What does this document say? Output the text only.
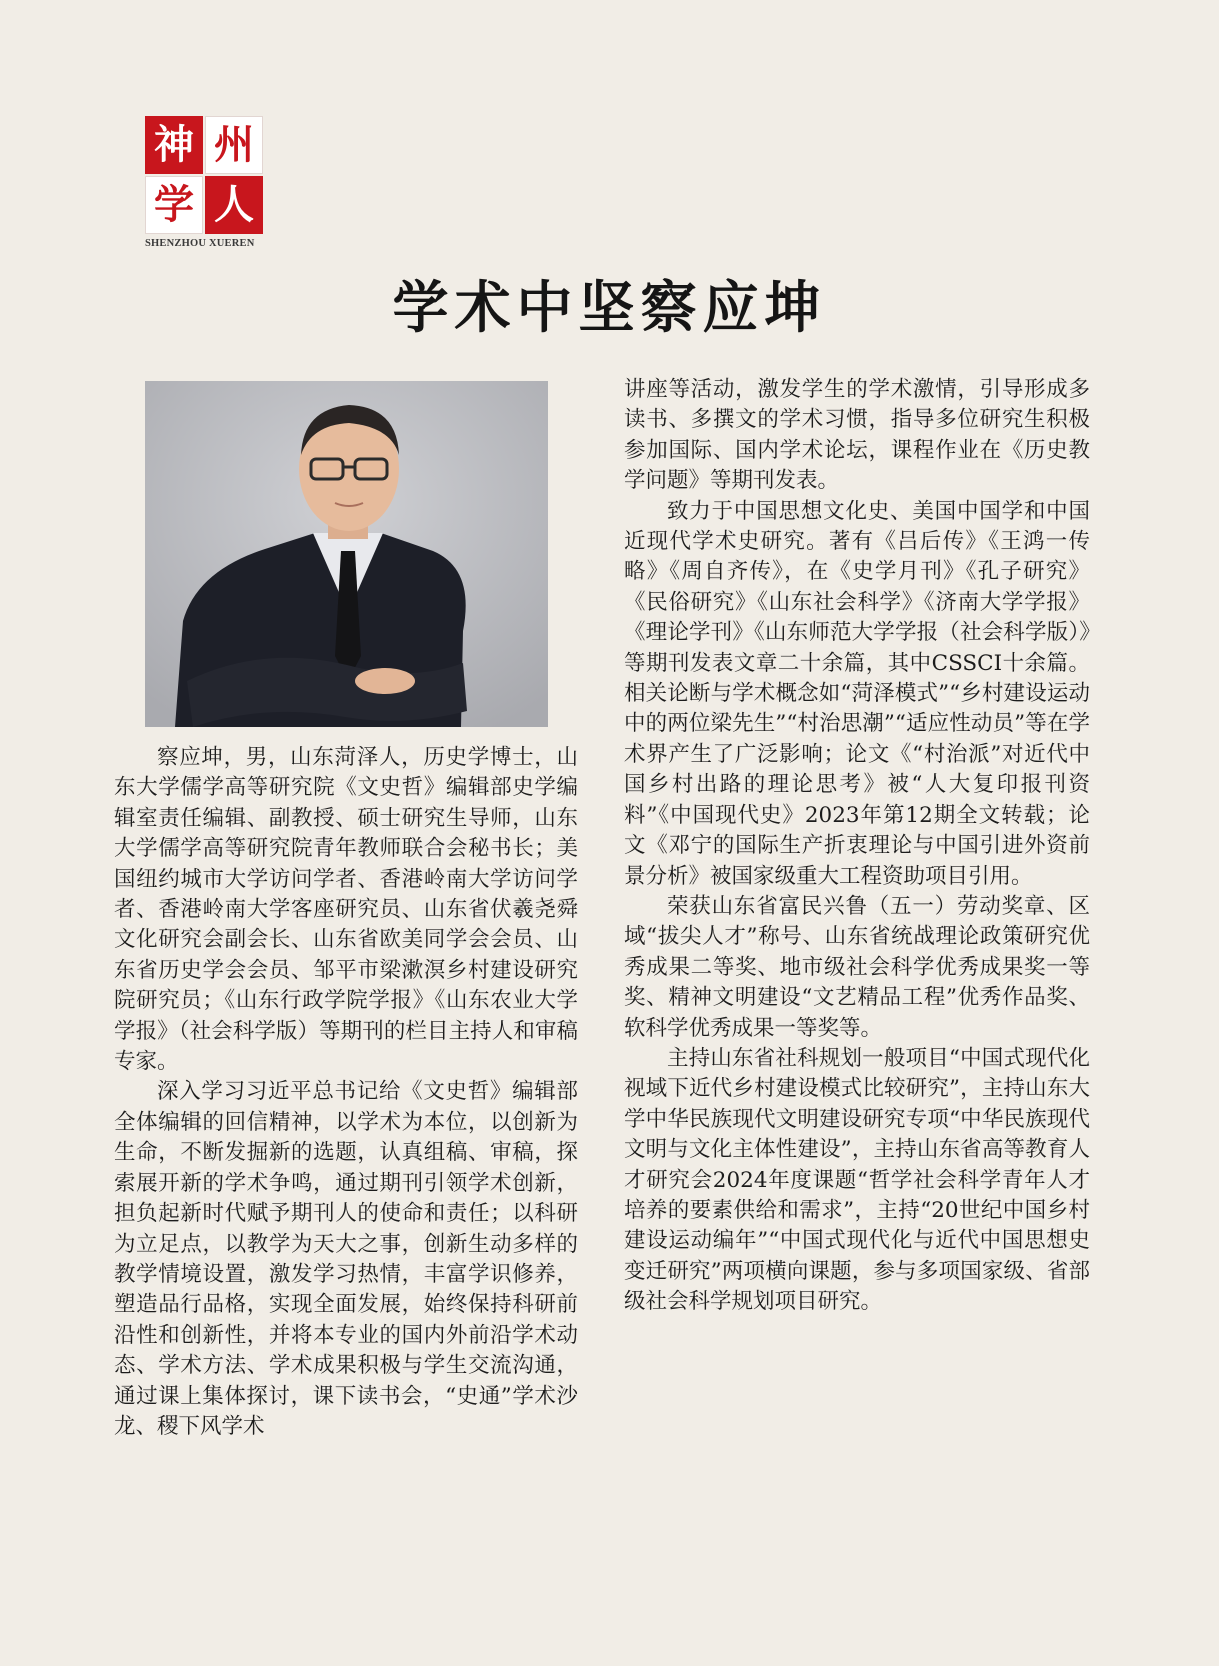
神 州
学 人
SHENZHOU XUEREN
学术中坚察应坤

察应坤，男，山东菏泽人，历史学博士，山东大学儒学高等研究院《文史哲》编辑部史学编辑室责任编辑、副教授、硕士研究生导师，山东大学儒学高等研究院青年教师联合会秘书长；美国纽约城市大学访问学者、香港岭南大学访问学者、香港岭南大学客座研究员、山东省伏羲尧舜文化研究会副会长、山东省欧美同学会会员、山东省历史学会会员、邹平市梁漱溟乡村建设研究院研究员；《山东行政学院学报》《山东农业大学学报》（社会科学版）等期刊的栏目主持人和审稿专家。

深入学习习近平总书记给《文史哲》编辑部全体编辑的回信精神，以学术为本位，以创新为生命，不断发掘新的选题，认真组稿、审稿，探索展开新的学术争鸣，通过期刊引领学术创新，担负起新时代赋予期刊人的使命和责任；以科研为立足点，以教学为天大之事，创新生动多样的教学情境设置，激发学习热情，丰富学识修养，塑造品行品格，实现全面发展，始终保持科研前沿性和创新性，并将本专业的国内外前沿学术动态、学术方法、学术成果积极与学生交流沟通，通过课上集体探讨，课下读书会，“史通”学术沙龙、稷下风学术

讲座等活动，激发学生的学术激情，引导形成多读书、多撰文的学术习惯，指导多位研究生积极参加国际、国内学术论坛，课程作业在《历史教学问题》等期刊发表。

致力于中国思想文化史、美国中国学和中国近现代学术史研究。著有《吕后传》《王鸿一传略》《周自齐传》，在《史学月刊》《孔子研究》《民俗研究》《山东社会科学》《济南大学学报》《理论学刊》《山东师范大学学报（社会科学版）》等期刊发表文章二十余篇，其中CSSCI十余篇。相关论断与学术概念如“菏泽模式”“乡村建设运动中的两位梁先生”“村治思潮”“适应性动员”等在学术界产生了广泛影响；论文《“村治派”对近代中国乡村出路的理论思考》被“人大复印报刊资料”《中国现代史》2023年第12期全文转载；论文《邓宁的国际生产折衷理论与中国引进外资前景分析》被国家级重大工程资助项目引用。

荣获山东省富民兴鲁（五一）劳动奖章、区域“拔尖人才”称号、山东省统战理论政策研究优秀成果二等奖、地市级社会科学优秀成果奖一等奖、精神文明建设“文艺精品工程”优秀作品奖、软科学优秀成果一等奖等。

主持山东省社科规划一般项目“中国式现代化视域下近代乡村建设模式比较研究”，主持山东大学中华民族现代文明建设研究专项“中华民族现代文明与文化主体性建设”，主持山东省高等教育人才研究会2024年度课题“哲学社会科学青年人才培养的要素供给和需求”，主持“20世纪中国乡村建设运动编年”“中国式现代化与近代中国思想史变迁研究”两项横向课题，参与多项国家级、省部级社会科学规划项目研究。
